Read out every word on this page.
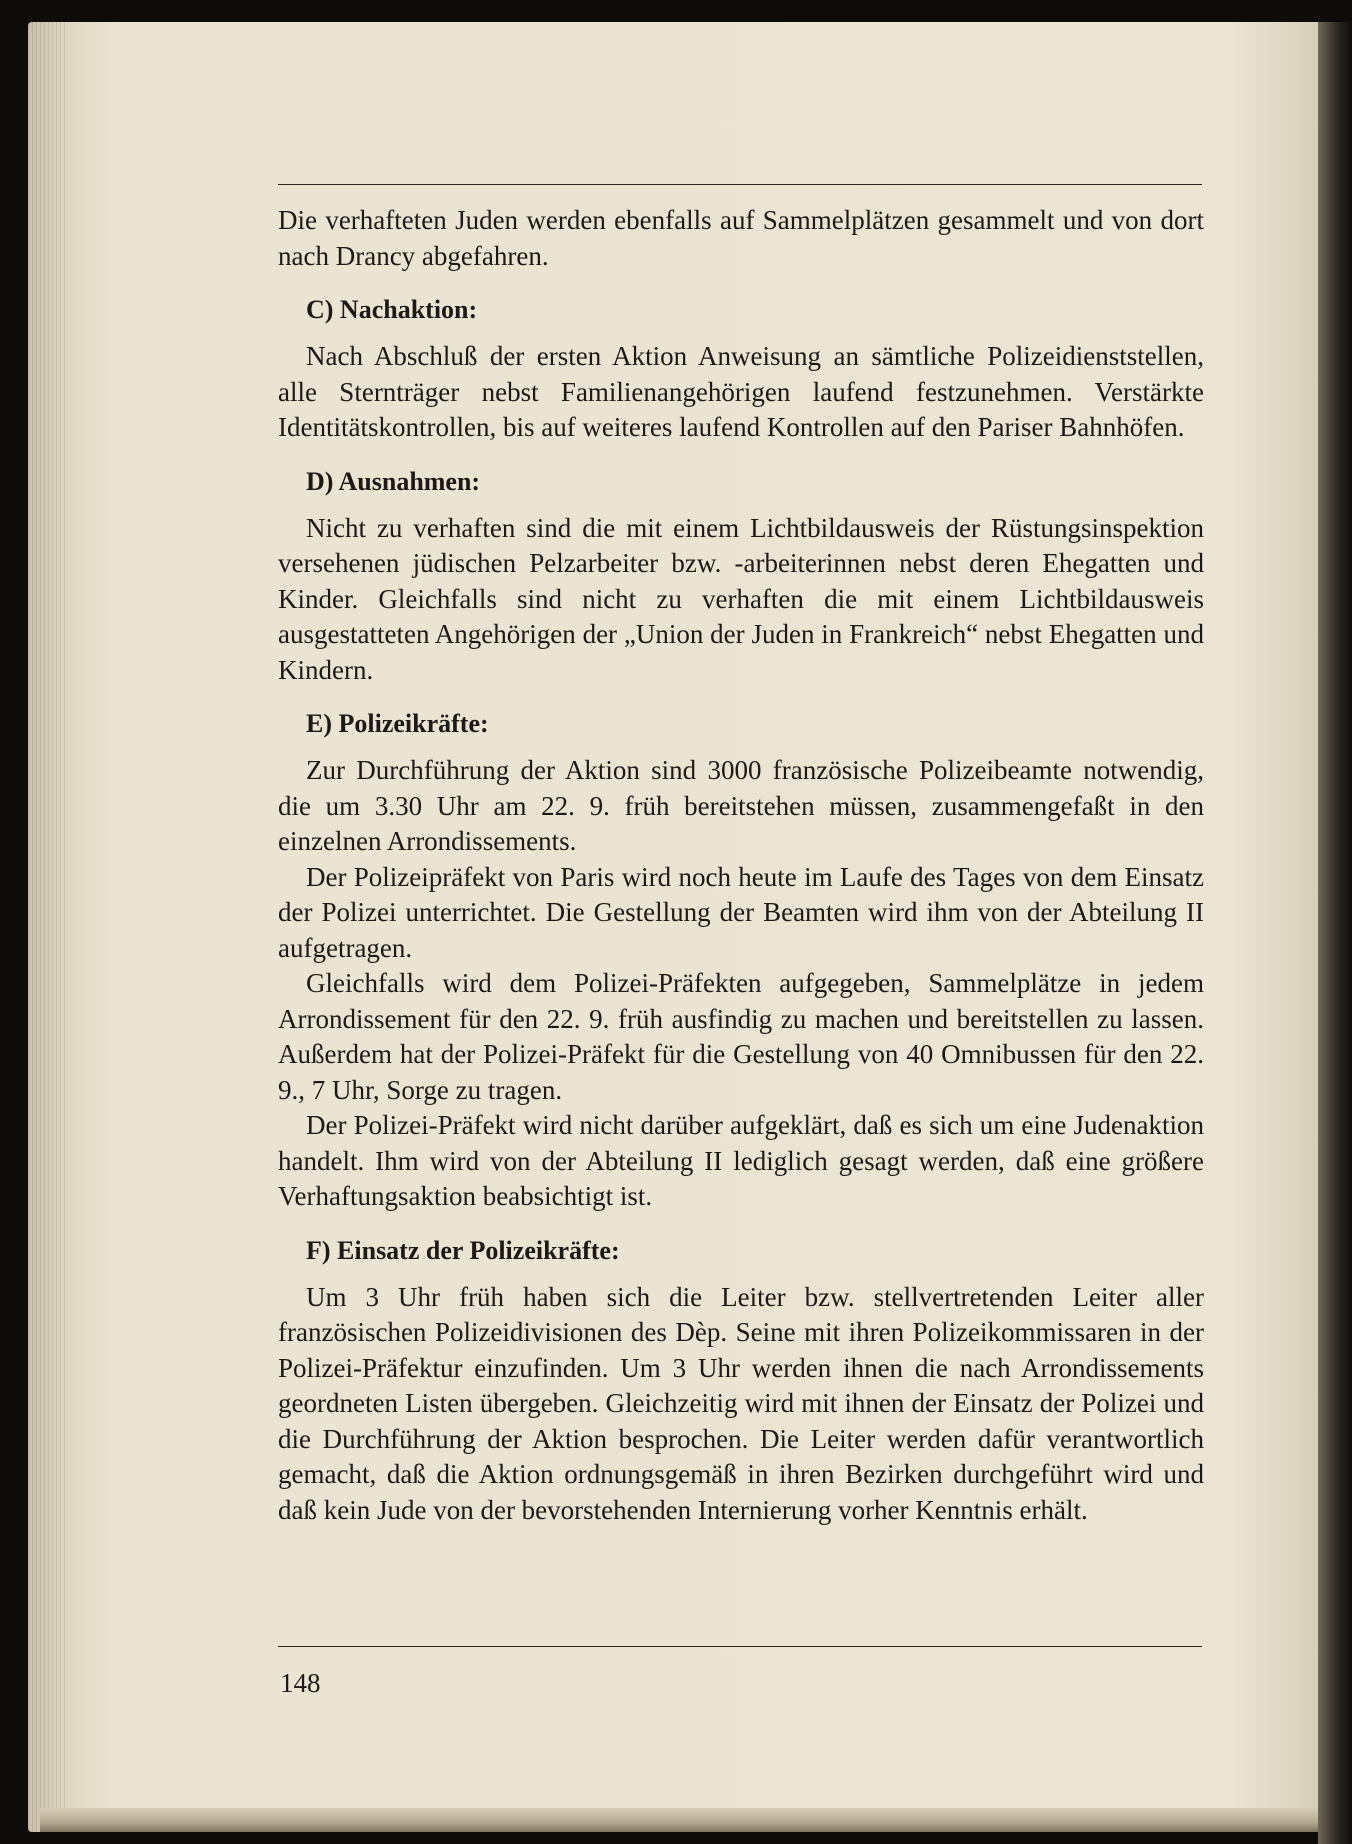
Die verhafteten Juden werden ebenfalls auf Sammelplätzen gesammelt und von dort nach Drancy abgefahren.

C) Nachaktion:

Nach Abschluß der ersten Aktion Anweisung an sämtliche Polizeidienststellen, alle Sternträger nebst Familienangehörigen laufend festzunehmen. Verstärkte Identitätskontrollen, bis auf weiteres laufend Kontrollen auf den Pariser Bahnhöfen.

D) Ausnahmen:

Nicht zu verhaften sind die mit einem Lichtbildausweis der Rüstungsinspektion versehenen jüdischen Pelzarbeiter bzw. -arbeiterinnen nebst deren Ehegatten und Kinder. Gleichfalls sind nicht zu verhaften die mit einem Lichtbildausweis ausgestatteten Angehörigen der „Union der Juden in Frankreich“ nebst Ehegatten und Kindern.

E) Polizeikräfte:

Zur Durchführung der Aktion sind 3000 französische Polizeibeamte notwendig, die um 3.30 Uhr am 22. 9. früh bereitstehen müssen, zusammengefaßt in den einzelnen Arrondissements.

Der Polizeipräfekt von Paris wird noch heute im Laufe des Tages von dem Einsatz der Polizei unterrichtet. Die Gestellung der Beamten wird ihm von der Abteilung II aufgetragen.

Gleichfalls wird dem Polizei-Präfekten aufgegeben, Sammelplätze in jedem Arrondissement für den 22. 9. früh ausfindig zu machen und bereitstellen zu lassen. Außerdem hat der Polizei-Präfekt für die Gestellung von 40 Omnibussen für den 22. 9., 7 Uhr, Sorge zu tragen.

Der Polizei-Präfekt wird nicht darüber aufgeklärt, daß es sich um eine Judenaktion handelt. Ihm wird von der Abteilung II lediglich gesagt werden, daß eine größere Verhaftungsaktion beabsichtigt ist.

F) Einsatz der Polizeikräfte:

Um 3 Uhr früh haben sich die Leiter bzw. stellvertretenden Leiter aller französischen Polizeidivisionen des Dèp. Seine mit ihren Polizeikommissaren in der Polizei-Präfektur einzufinden. Um 3 Uhr werden ihnen die nach Arrondissements geordneten Listen übergeben. Gleichzeitig wird mit ihnen der Einsatz der Polizei und die Durchführung der Aktion besprochen. Die Leiter werden dafür verantwortlich gemacht, daß die Aktion ordnungsgemäß in ihren Bezirken durchgeführt wird und daß kein Jude von der bevorstehenden Internierung vorher Kenntnis erhält.

148
